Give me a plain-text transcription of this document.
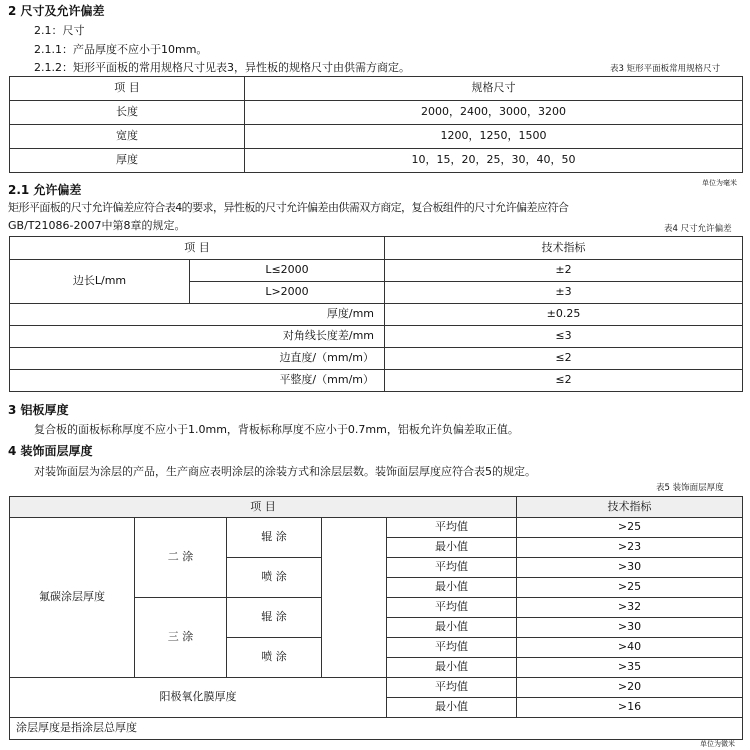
2 尺寸及允许偏差
2.1：尺寸
2.1.1：产品厚度不应小于10mm。
2.1.2：矩形平面板的常用规格尺寸见表3，异性板的规格尺寸由供需方商定。	表3 矩形平面板常用规格尺寸
项 目	规格尺寸
长度	2000，2400，3000，3200
宽度	1200，1250，1500
厚度	10，15，20，25，30，40，50
单位为毫米
2.1 允许偏差
矩形平面板的尺寸允许偏差应符合表4的要求，异性板的尺寸允许偏差由供需双方商定，复合板组件的尺寸允许偏差应符合
GB/T21086-2007中第8章的规定。	表4 尺寸允许偏差
项 目		技术指标
边长L/mm	L≤2000	±2
	L>2000	±3
厚度/mm		±0.25
对角线长度差/mm		≤3
边直度/（mm/m）		≤2
平整度/（mm/m）		≤2
3 铝板厚度
复合板的面板标称厚度不应小于1.0mm，背板标称厚度不应小于0.7mm，铝板允许负偏差取正值。
4 装饰面层厚度
对装饰面层为涂层的产品，生产商应表明涂层的涂装方式和涂层层数。装饰面层厚度应符合表5的规定。
表5 装饰面层厚度
项 目					技术指标
氟碳涂层厚度	二 涂	辊 涂		平均值	>25
				最小值	>23
		喷 涂		平均值	>30
				最小值	>25
	三 涂	辊 涂		平均值	>32
				最小值	>30
		喷 涂		平均值	>40
				最小值	>35
阳极氧化膜厚度				平均值	>20
				最小值	>16
涂层厚度是指涂层总厚度					
单位为微米
